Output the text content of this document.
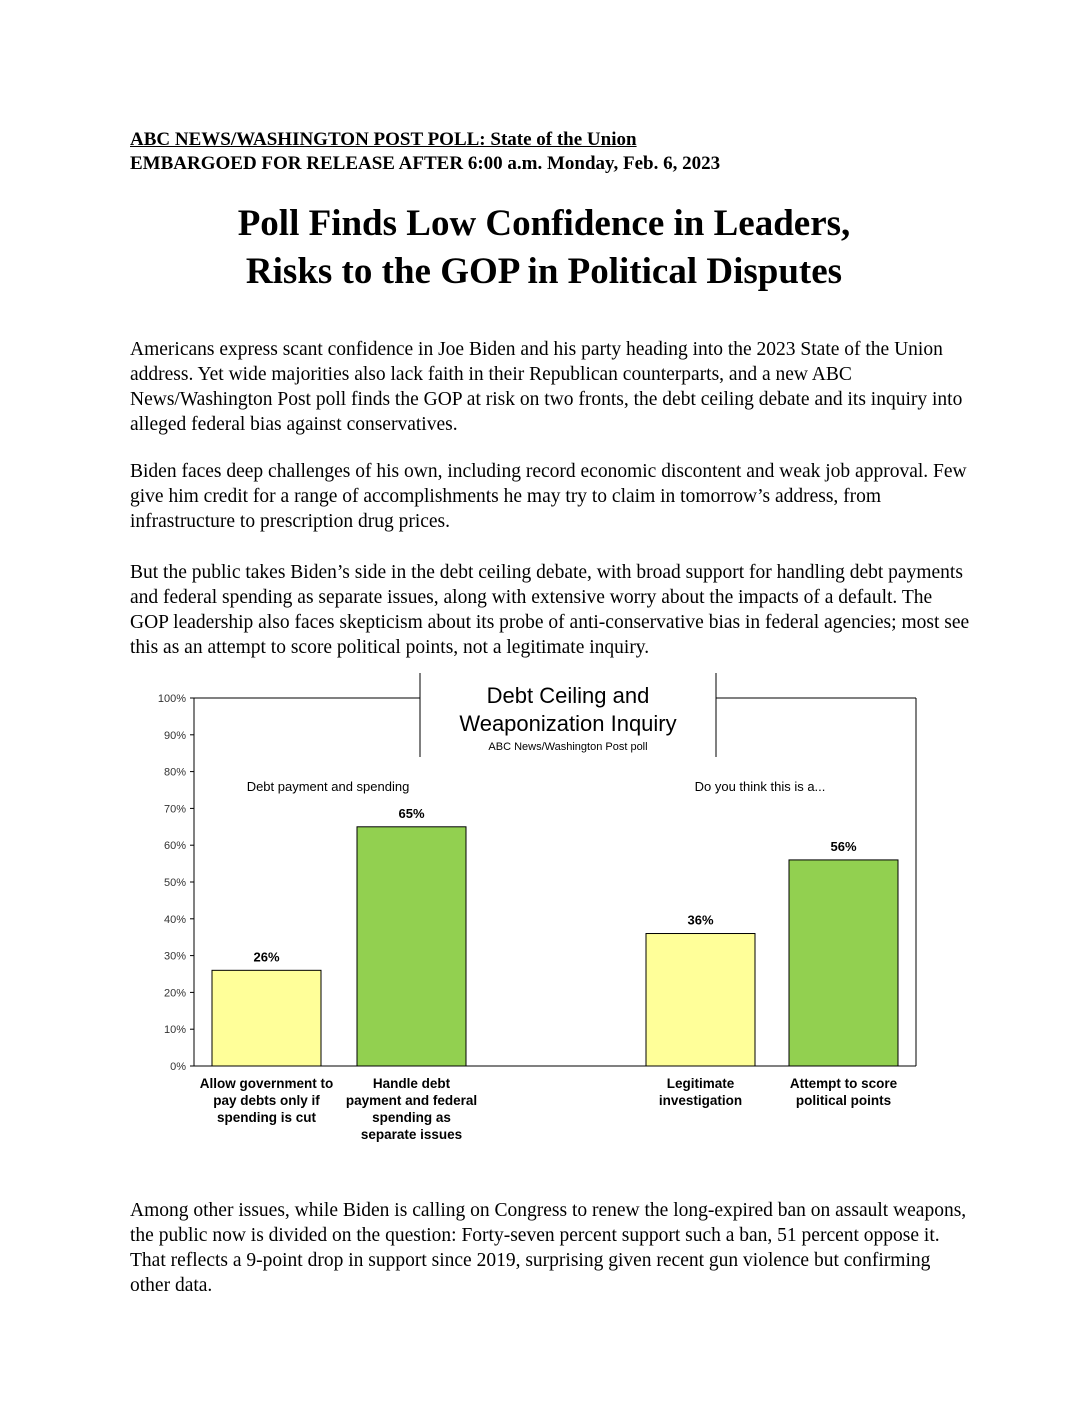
ABC NEWS/WASHINGTON POST POLL: State of the Union
EMBARGOED FOR RELEASE AFTER 6:00 a.m. Monday, Feb. 6, 2023
Poll Finds Low Confidence in Leaders,
Risks to the GOP in Political Disputes

Americans express scant confidence in Joe Biden and his party heading into the 2023 State of the Union address. Yet wide majorities also lack faith in their Republican counterparts, and a new ABC News/Washington Post poll finds the GOP at risk on two fronts, the debt ceiling debate and its inquiry into alleged federal bias against conservatives.

Biden faces deep challenges of his own, including record economic discontent and weak job approval. Few give him credit for a range of accomplishments he may try to claim in tomorrow’s address, from infrastructure to prescription drug prices.

But the public takes Biden’s side in the debt ceiling debate, with broad support for handling debt payments and federal spending as separate issues, along with extensive worry about the impacts of a default. The GOP leadership also faces skepticism about its probe of anti-conservative bias in federal agencies; most see this as an attempt to score political points, not a legitimate inquiry.

Debt Ceiling and
Weaponization Inquiry
ABC News/Washington Post poll
0%
10%
20%
30%
40%
50%
60%
70%
80%
90%
100%
Debt payment and spending
26%
Allow government to
pay debts only if
spending is cut
65%
Handle debt
payment and federal
spending as
separate issues
Do you think this is a...
36%
Legitimate
investigation
56%
Attempt to score
political points

Among other issues, while Biden is calling on Congress to renew the long-expired ban on assault weapons, the public now is divided on the question: Forty-seven percent support such a ban, 51 percent oppose it. That reflects a 9-point drop in support since 2019, surprising given recent gun violence but confirming other data.
